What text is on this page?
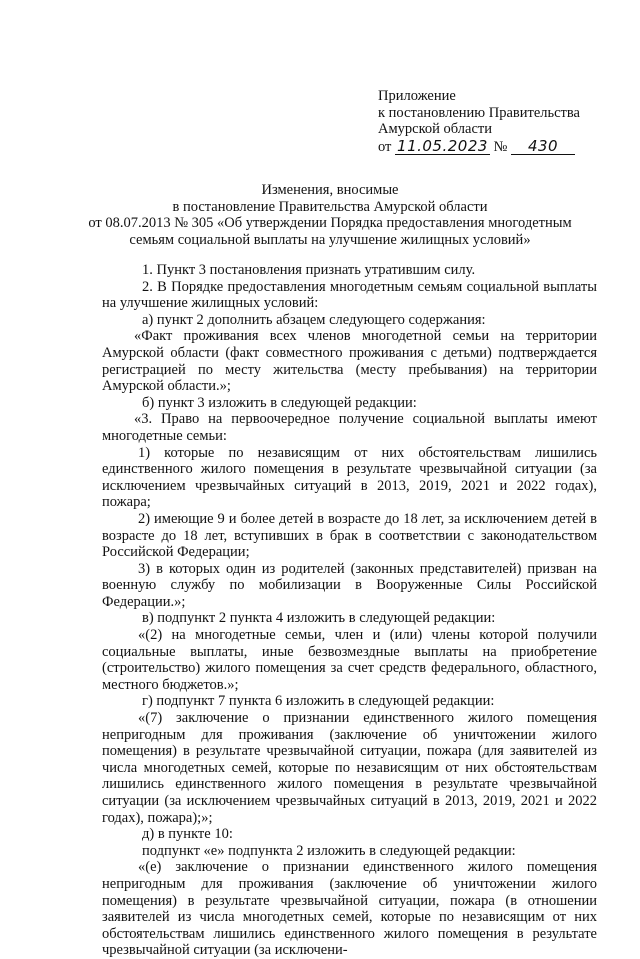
Приложение
к постановлению Правительства
Амурской области
от 11.05.2023 № 430
Изменения, вносимые
в постановление Правительства Амурской области
от 08.07.2013 № 305 «Об утверждении Порядка предоставления многодетным
семьям социальной выплаты на улучшение жилищных условий»

1. Пункт 3 постановления признать утратившим силу.

2. В Порядке предоставления многодетным семьям социальной выплаты на улучшение жилищных условий:

а) пункт 2 дополнить абзацем следующего содержания:

«Факт проживания всех членов многодетной семьи на территории Амурской области (факт совместного проживания с детьми) подтверждается регистрацией по месту жительства (месту пребывания) на территории Амурской области.»;

б) пункт 3 изложить в следующей редакции:

«3. Право на первоочередное получение социальной выплаты имеют многодетные семьи:

1) которые по независящим от них обстоятельствам лишились единственного жилого помещения в результате чрезвычайной ситуации (за исключением чрезвычайных ситуаций в 2013, 2019, 2021 и 2022 годах), пожара;

2) имеющие 9 и более детей в возрасте до 18 лет, за исключением детей в возрасте до 18 лет, вступивших в брак в соответствии с законодательством Российской Федерации;

3) в которых один из родителей (законных представителей) призван на военную службу по мобилизации в Вооруженные Силы Российской Федерации.»;

в) подпункт 2 пункта 4 изложить в следующей редакции:

«(2) на многодетные семьи, член и (или) члены которой получили социальные выплаты, иные безвозмездные выплаты на приобретение (строительство) жилого помещения за счет средств федерального, областного, местного бюджетов.»;

г) подпункт 7 пункта 6 изложить в следующей редакции:

«(7) заключение о признании единственного жилого помещения непригодным для проживания (заключение об уничтожении жилого помещения) в результате чрезвычайной ситуации, пожара (для заявителей из числа многодетных семей, которые по независящим от них обстоятельствам лишились единственного жилого помещения в результате чрезвычайной ситуации (за исключением чрезвычайных ситуаций в 2013, 2019, 2021 и 2022 годах), пожара);»;

д) в пункте 10:

подпункт «е» подпункта 2 изложить в следующей редакции:

«(е) заключение о признании единственного жилого помещения непригодным для проживания (заключение об уничтожении жилого помещения) в результате чрезвычайной ситуации, пожара (в отношении заявителей из числа многодетных семей, которые по независящим от них обстоятельствам лишились единственного жилого помещения в результате чрезвычайной ситуации (за исключени-
